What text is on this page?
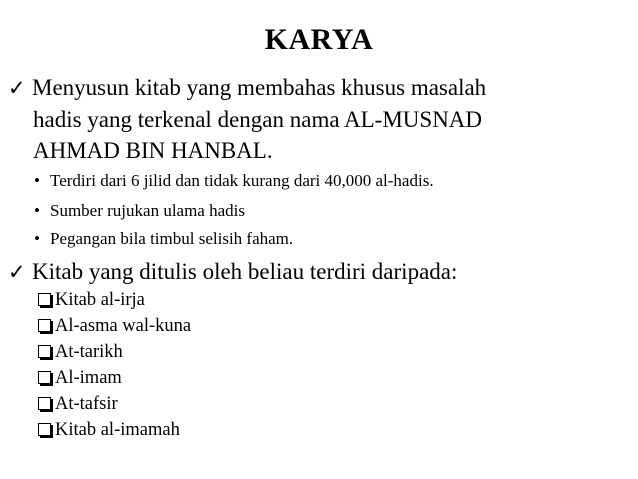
KARYA
✓ Menyusun kitab yang membahas khusus masalah
hadis yang terkenal dengan nama AL-MUSNAD
AHMAD BIN HANBAL.
• Terdiri dari 6 jilid dan tidak kurang dari 40,000 al-hadis.
• Sumber rujukan ulama hadis
• Pegangan bila timbul selisih faham.
✓ Kitab yang ditulis oleh beliau terdiri daripada:
Kitab al-irja
Al-asma wal-kuna
At-tarikh
Al-imam
At-tafsir
Kitab al-imamah
